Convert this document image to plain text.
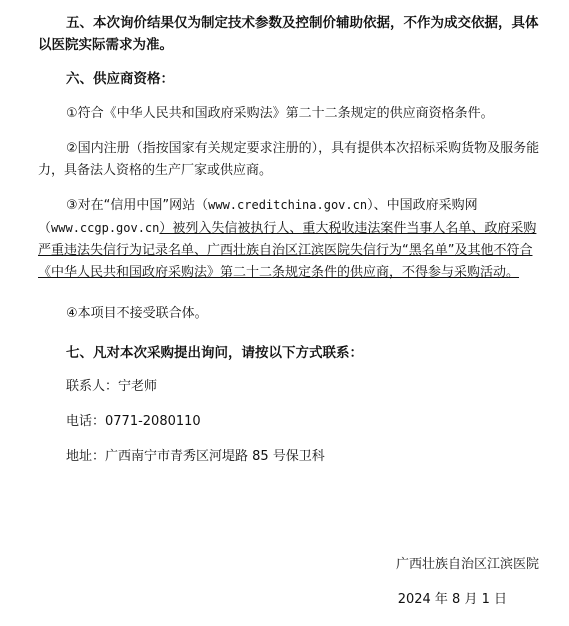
五、本次询价结果仅为制定技术参数及控制价辅助依据，不作为成交依据，具体以医院实际需求为准。

六、供应商资格：

①符合《中华人民共和国政府采购法》第二十二条规定的供应商资格条件。

②国内注册（指按国家有关规定要求注册的），具有提供本次招标采购货物及服务能力，具备法人资格的生产厂家或供应商。

③对在“信用中国”网站（www.creditchina.gov.cn）、中国政府采购网（www.ccgp.gov.cn）被列入失信被执行人、重大税收违法案件当事人名单、政府采购严重违法失信行为记录名单、广西壮族自治区江滨医院失信行为“黑名单”及其他不符合《中华人民共和国政府采购法》第二十二条规定条件的供应商，不得参与采购活动。

④本项目不接受联合体。

七、凡对本次采购提出询问，请按以下方式联系：

联系人：宁老师

电话：0771-2080110

地址：广西南宁市青秀区河堤路 85 号保卫科

广西壮族自治区江滨医院
2024 年 8 月 1 日
